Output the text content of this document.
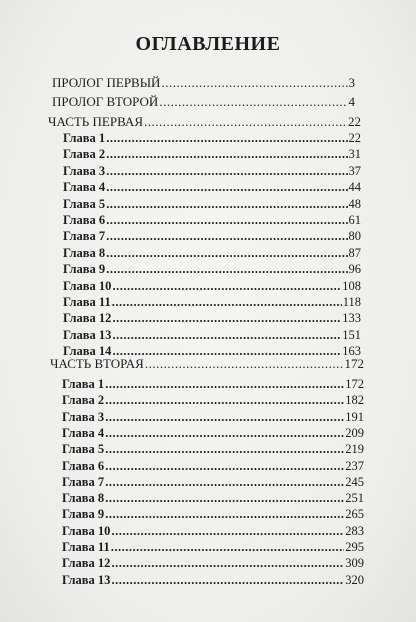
ОГЛАВЛЕНИЕ
ПРОЛОГ ПЕРВЫЙ .....	3
ПРОЛОГ ВТОРОЙ .....	4
ЧАСТЬ ПЕРВАЯ .....	22
Глава 1 .....	22
Глава 2 .....	31
Глава 3 .....	37
Глава 4 .....	44
Глава 5 .....	48
Глава 6 .....	61
Глава 7 .....	80
Глава 8 .....	87
Глава 9 .....	96
Глава 10 .....	108
Глава 11 .....	118
Глава 12 .....	133
Глава 13 .....	151
Глава 14 .....	163
ЧАСТЬ ВТОРАЯ .....	172
Глава 1 .....	172
Глава 2 .....	182
Глава 3 .....	191
Глава 4 .....	209
Глава 5 .....	219
Глава 6 .....	237
Глава 7 .....	245
Глава 8 .....	251
Глава 9 .....	265
Глава 10 .....	283
Глава 11 .....	295
Глава 12 .....	309
Глава 13 .....	320
